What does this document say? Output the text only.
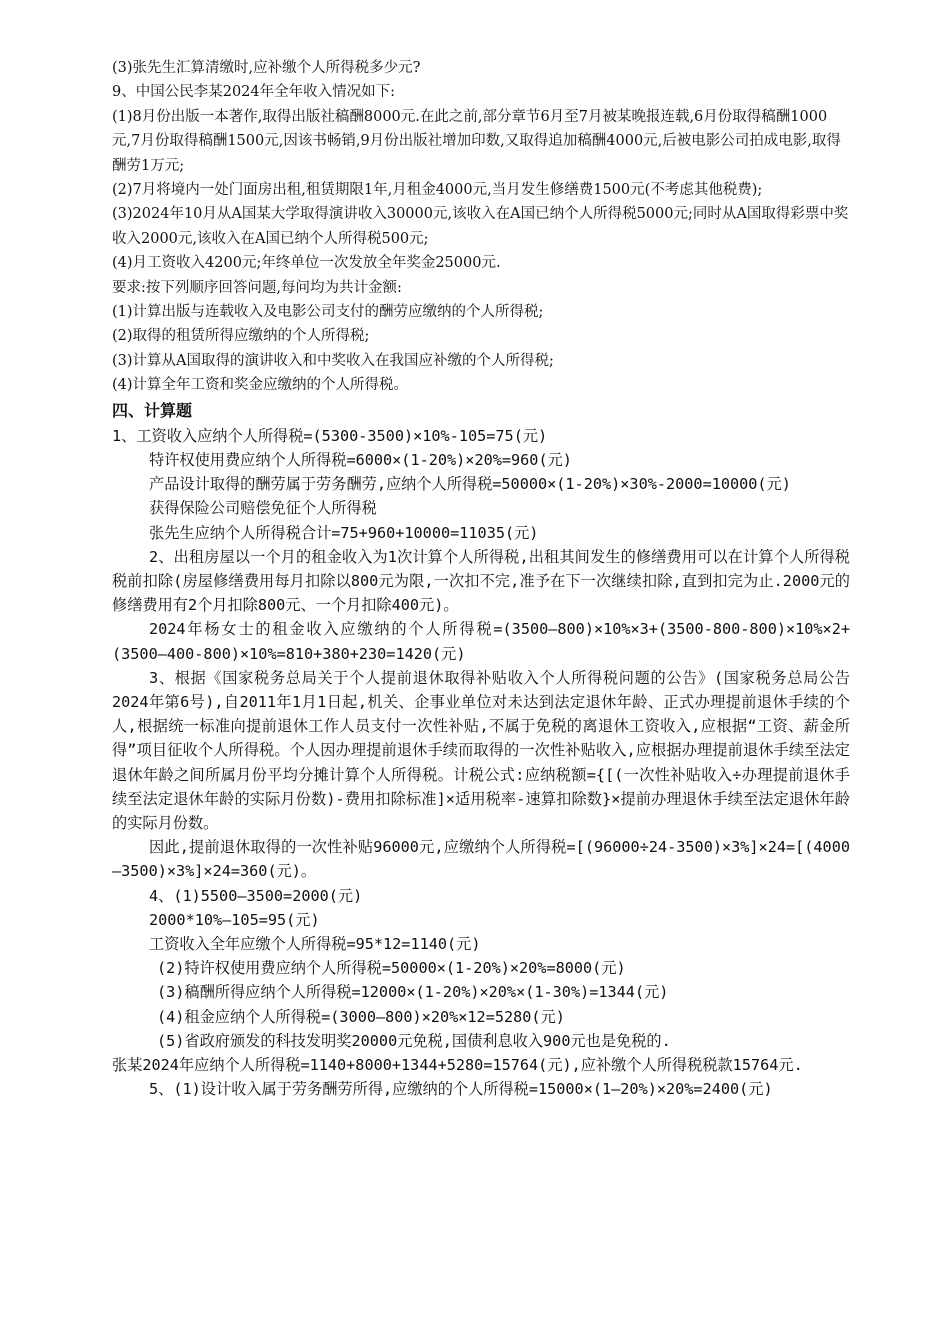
(3)张先生汇算清缴时,应补缴个人所得税多少元?

9、中国公民李某2024年全年收入情况如下:

(1)8月份出版一本著作,取得出版社稿酬8000元.在此之前,部分章节6月至7月被某晚报连载,6月份取得稿酬1000元,7月份取得稿酬1500元,因该书畅销,9月份出版社增加印数,又取得追加稿酬4000元,后被电影公司拍成电影,取得酬劳1万元;

(2)7月将境内一处门面房出租,租赁期限1年,月租金4000元,当月发生修缮费1500元(不考虑其他税费);

(3)2024年10月从A国某大学取得演讲收入30000元,该收入在A国已纳个人所得税5000元;同时从A国取得彩票中奖收入2000元,该收入在A国已纳个人所得税500元;

(4)月工资收入4200元;年终单位一次发放全年奖金25000元.

要求:按下列顺序回答问题,每问均为共计金额:

(1)计算出版与连载收入及电影公司支付的酬劳应缴纳的个人所得税;

(2)取得的租赁所得应缴纳的个人所得税;

(3)计算从A国取得的演讲收入和中奖收入在我国应补缴的个人所得税;

(4)计算全年工资和奖金应缴纳的个人所得税。

四、计算题

1、工资收入应纳个人所得税=(5300-3500)×10%-105=75(元)

特许权使用费应纳个人所得税=6000×(1-20%)×20%=960(元)

产品设计取得的酬劳属于劳务酬劳,应纳个人所得税=50000×(1-20%)×30%-2000=10000(元)

获得保险公司赔偿免征个人所得税

张先生应纳个人所得税合计=75+960+10000=11035(元)

2、出租房屋以一个月的租金收入为1次计算个人所得税,出租其间发生的修缮费用可以在计算个人所得税税前扣除(房屋修缮费用每月扣除以800元为限,一次扣不完,准予在下一次继续扣除,直到扣完为止.2000元的修缮费用有2个月扣除800元、一个月扣除400元)。

2024年杨女士的租金收入应缴纳的个人所得税=(3500—800)×10%×3+(3500-800-800)×10%×2+(3500—400-800)×10%=810+380+230=1420(元)

3、根据《国家税务总局关于个人提前退休取得补贴收入个人所得税问题的公告》(国家税务总局公告2024年第6号),自2011年1月1日起,机关、企事业单位对未达到法定退休年龄、正式办理提前退休手续的个人,根据统一标准向提前退休工作人员支付一次性补贴,不属于免税的离退休工资收入,应根据“工资、薪金所得”项目征收个人所得税。个人因办理提前退休手续而取得的一次性补贴收入,应根据办理提前退休手续至法定退休年龄之间所属月份平均分摊计算个人所得税。计税公式:应纳税额={[(一次性补贴收入÷办理提前退休手续至法定退休年龄的实际月份数)-费用扣除标准]×适用税率-速算扣除数}×提前办理退休手续至法定退休年龄的实际月份数。

因此,提前退休取得的一次性补贴96000元,应缴纳个人所得税=[(96000÷24-3500)×3%]×24=[(4000—3500)×3%]×24=360(元)。

4、(1)5500—3500=2000(元)

2000*10%—105=95(元)

工资收入全年应缴个人所得税=95*12=1140(元)

(2)特许权使用费应纳个人所得税=50000×(1-20%)×20%=8000(元)

(3)稿酬所得应纳个人所得税=12000×(1-20%)×20%×(1-30%)=1344(元)

(4)租金应纳个人所得税=(3000—800)×20%×12=5280(元)

(5)省政府颁发的科技发明奖20000元免税,国债利息收入900元也是免税的.

张某2024年应纳个人所得税=1140+8000+1344+5280=15764(元),应补缴个人所得税税款15764元.

5、(1)设计收入属于劳务酬劳所得,应缴纳的个人所得税=15000×(1—20%)×20%=2400(元)
